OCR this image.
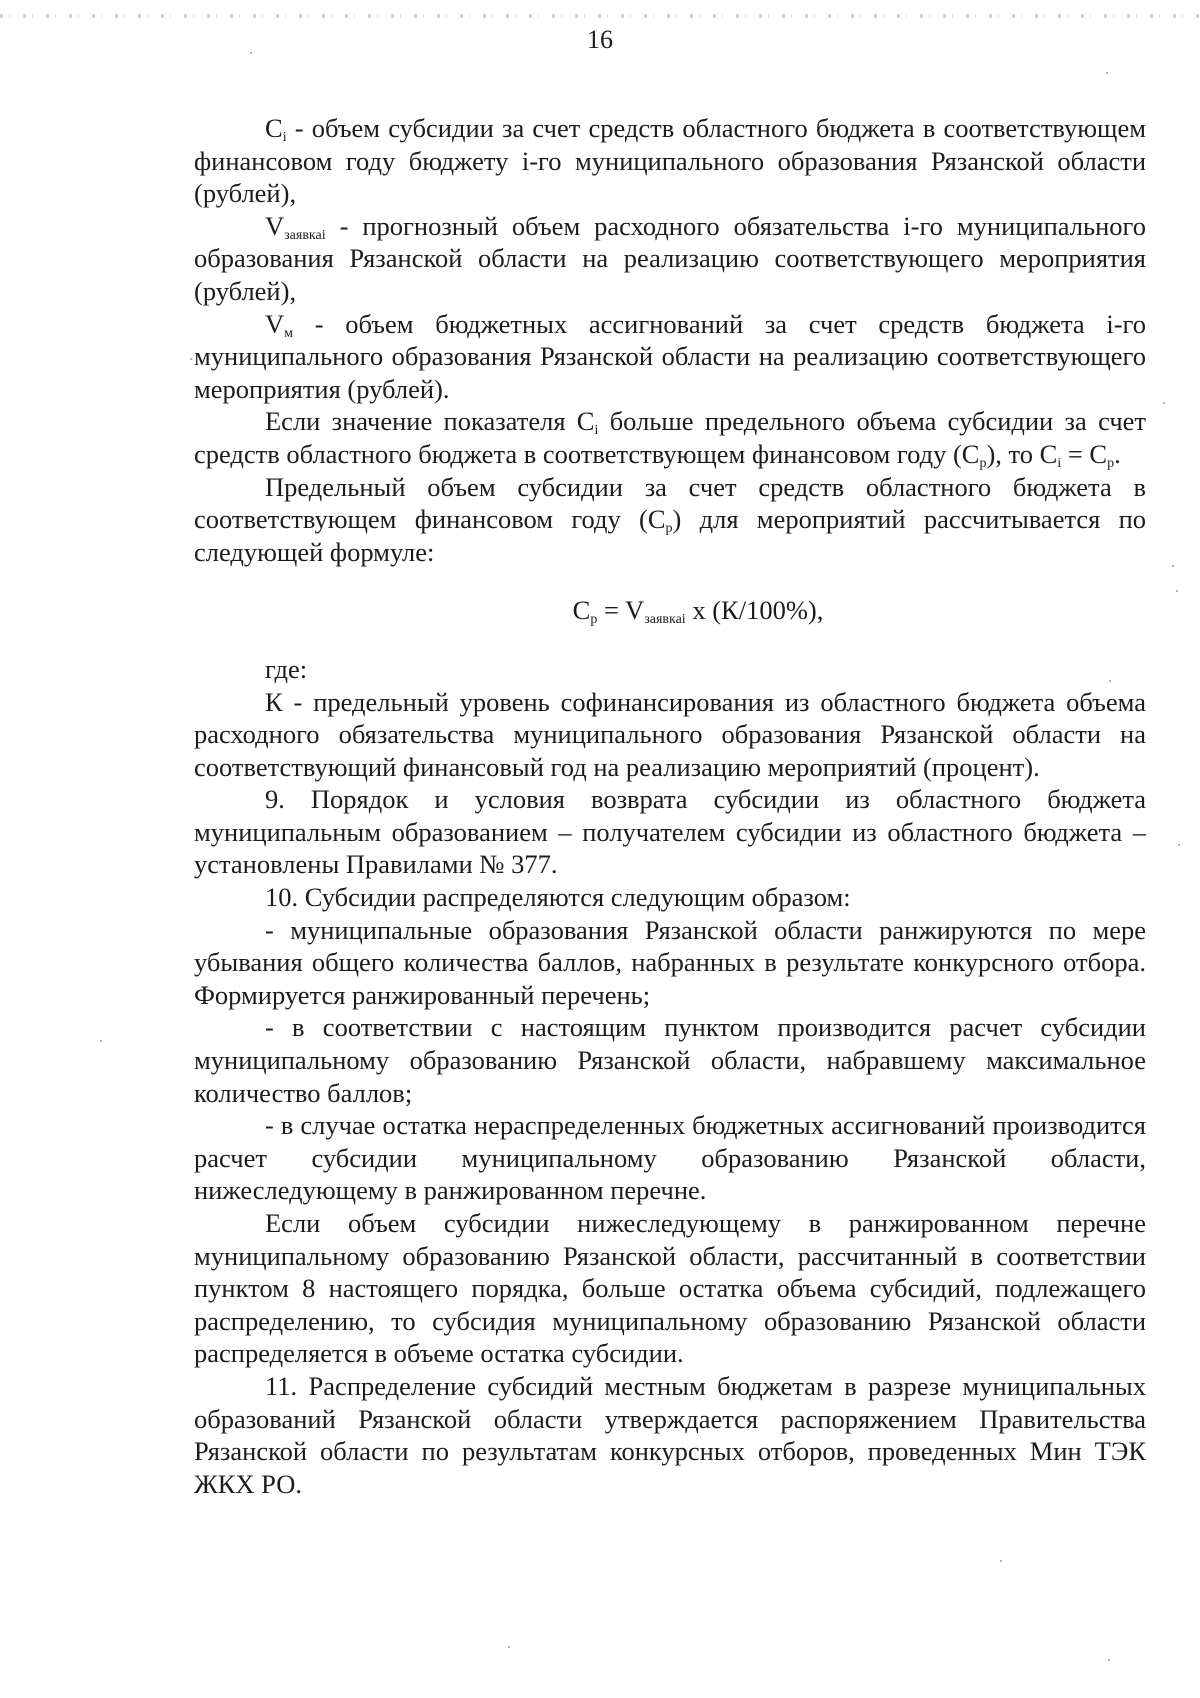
16

$C_i$ - объем субсидии за счет средств областного бюджета в соответствующем финансовом году бюджету i-го муниципального образования Рязанской области (рублей),

$V_{заявкаi}$ - прогнозный объем расходного обязательства i-го муниципального образования Рязанской области на реализацию соответствующего мероприятия (рублей),

$V_м$ - объем бюджетных ассигнований за счет средств бюджета i-го муниципального образования Рязанской области на реализацию соответствующего мероприятия (рублей).

Если значение показателя $C_i$ больше предельного объема субсидии за счет средств областного бюджета в соответствующем финансовом году $(C_p)$, то $C_i = C_p$.

Предельный объем субсидии за счет средств областного бюджета в соответствующем финансовом году $(C_p)$ для мероприятий рассчитывается по следующей формуле:

$C_p = V_{заявкаi}$ x (К/100%),

где:

К - предельный уровень софинансирования из областного бюджета объема расходного обязательства муниципального образования Рязанской области на соответствующий финансовый год на реализацию мероприятий (процент).

9. Порядок и условия возврата субсидии из областного бюджета муниципальным образованием – получателем субсидии из областного бюджета – установлены Правилами № 377.

10. Субсидии распределяются следующим образом:

- муниципальные образования Рязанской области ранжируются по мере убывания общего количества баллов, набранных в результате конкурсного отбора. Формируется ранжированный перечень;

- в соответствии с настоящим пунктом производится расчет субсидии муниципальному образованию Рязанской области, набравшему максимальное количество баллов;

- в случае остатка нераспределенных бюджетных ассигнований производится расчет субсидии муниципальному образованию Рязанской области, нижеследующему в ранжированном перечне.

Если объем субсидии нижеследующему в ранжированном перечне муниципальному образованию Рязанской области, рассчитанный в соответствии пунктом 8 настоящего порядка, больше остатка объема субсидий, подлежащего распределению, то субсидия муниципальному образованию Рязанской области распределяется в объеме остатка субсидии.

11. Распределение субсидий местным бюджетам в разрезе муниципальных образований Рязанской области утверждается распоряжением Правительства Рязанской области по результатам конкурсных отборов, проведенных Мин ТЭК ЖКХ РО.
